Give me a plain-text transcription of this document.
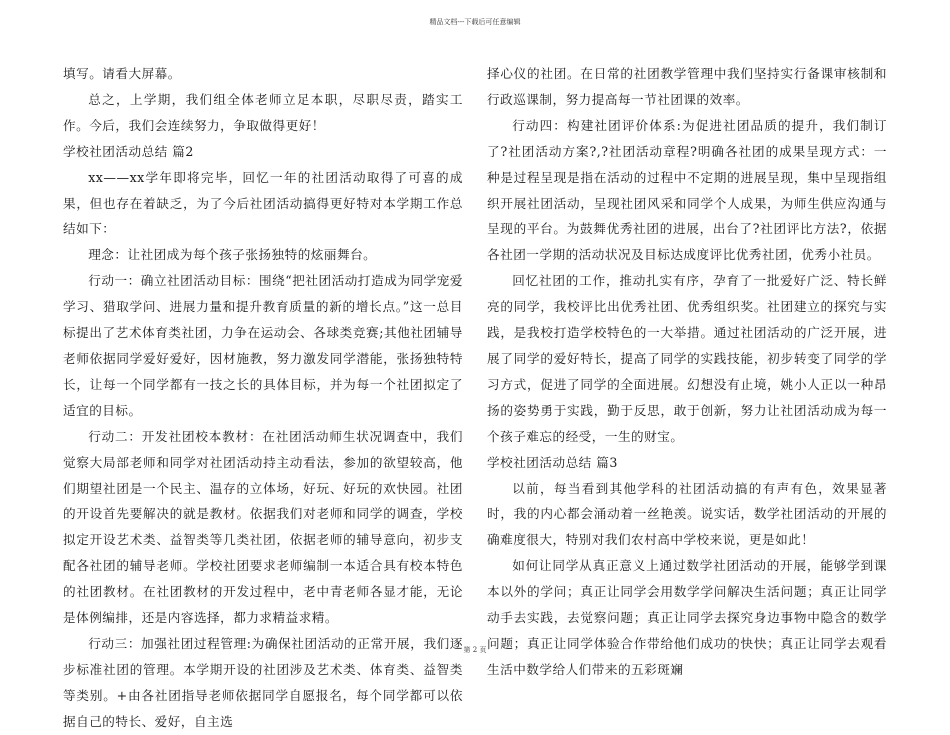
精品文档---下载后可任意编辑

填写。请看大屏幕。

总之，上学期，我们组全体老师立足本职，尽职尽责，踏实工作。今后，我们会连续努力，争取做得更好！

学校社团活动总结 篇2

xx——xx学年即将完毕，回忆一年的社团活动取得了可喜的成果，但也存在着缺乏，为了今后社团活动搞得更好特对本学期工作总结如下：

理念：让社团成为每个孩子张扬独特的炫丽舞台。

行动一：确立社团活动目标：围绕“把社团活动打造成为同学宠爱学习、猎取学问、进展力量和提升教育质量的新的增长点。”这一总目标提出了艺术体育类社团，力争在运动会、各球类竞赛;其他社团辅导老师依据同学爱好爱好，因材施教，努力激发同学潜能，张扬独特特长，让每一个同学都有一技之长的具体目标，并为每一个社团拟定了适宜的目标。

行动二：开发社团校本教材：在社团活动师生状况调查中，我们觉察大局部老师和同学对社团活动持主动看法，参加的欲望较高，他们期望社团是一个民主、温存的立体场，好玩、好玩的欢快园。社团的开设首先要解决的就是教材。依据我们对老师和同学的调查，学校拟定开设艺术类、益智类等几类社团，依据老师的辅导意向，初步支配各社团的辅导老师。学校社团要求老师编制一本适合具有校本特色的社团教材。在社团教材的开发过程中，老中青老师各显才能，无论是体例编排，还是内容选择，都力求精益求精。

行动三：加强社团过程管理:为确保社团活动的正常开展，我们逐步标准社团的管理。本学期开设的社团涉及艺术类、体育类、益智类等类别。+由各社团指导老师依据同学自愿报名，每个同学都可以依据自己的特长、爱好，自主选

择心仪的社团。在日常的社团教学管理中我们坚持实行备课审核制和行政巡课制，努力提高每一节社团课的效率。

行动四：构建社团评价体系:为促进社团品质的提升，我们制订了?社团活动方案?,?社团活动章程?明确各社团的成果呈现方式：一种是过程呈现是指在活动的过程中不定期的进展呈现，集中呈现指组织开展社团活动，呈现社团风采和同学个人成果，为师生供应沟通与呈现的平台。为鼓舞优秀社团的进展，出台了?社团评比方法?，依据各社团一学期的活动状况及目标达成度评比优秀社团，优秀小社员。

回忆社团的工作，推动扎实有序，孕育了一批爱好广泛、特长鲜亮的同学，我校评比出优秀社团、优秀组织奖。社团建立的探究与实践，是我校打造学校特色的一大举措。通过社团活动的广泛开展，进展了同学的爱好特长，提高了同学的实践技能，初步转变了同学的学习方式，促进了同学的全面进展。幻想没有止境，姚小人正以一种昂扬的姿势勇于实践，勤于反思，敢于创新，努力让社团活动成为每一个孩子难忘的经受，一生的财宝。

学校社团活动总结 篇3

以前，每当看到其他学科的社团活动搞的有声有色，效果显著时，我的内心都会涌动着一丝艳羡。说实话，数学社团活动的开展的确难度很大，特别对我们农村高中学校来说，更是如此！

如何让同学从真正意义上通过数学社团活动的开展，能够学到课本以外的学问；真正让同学会用数学学问解决生活问题；真正让同学动手去实践，去觉察问题；真正让同学去探究身边事物中隐含的数学问题；真正让同学体验合作带给他们成功的快快；真正让同学去观看生活中数学给人们带来的五彩斑斓

第 2 页
